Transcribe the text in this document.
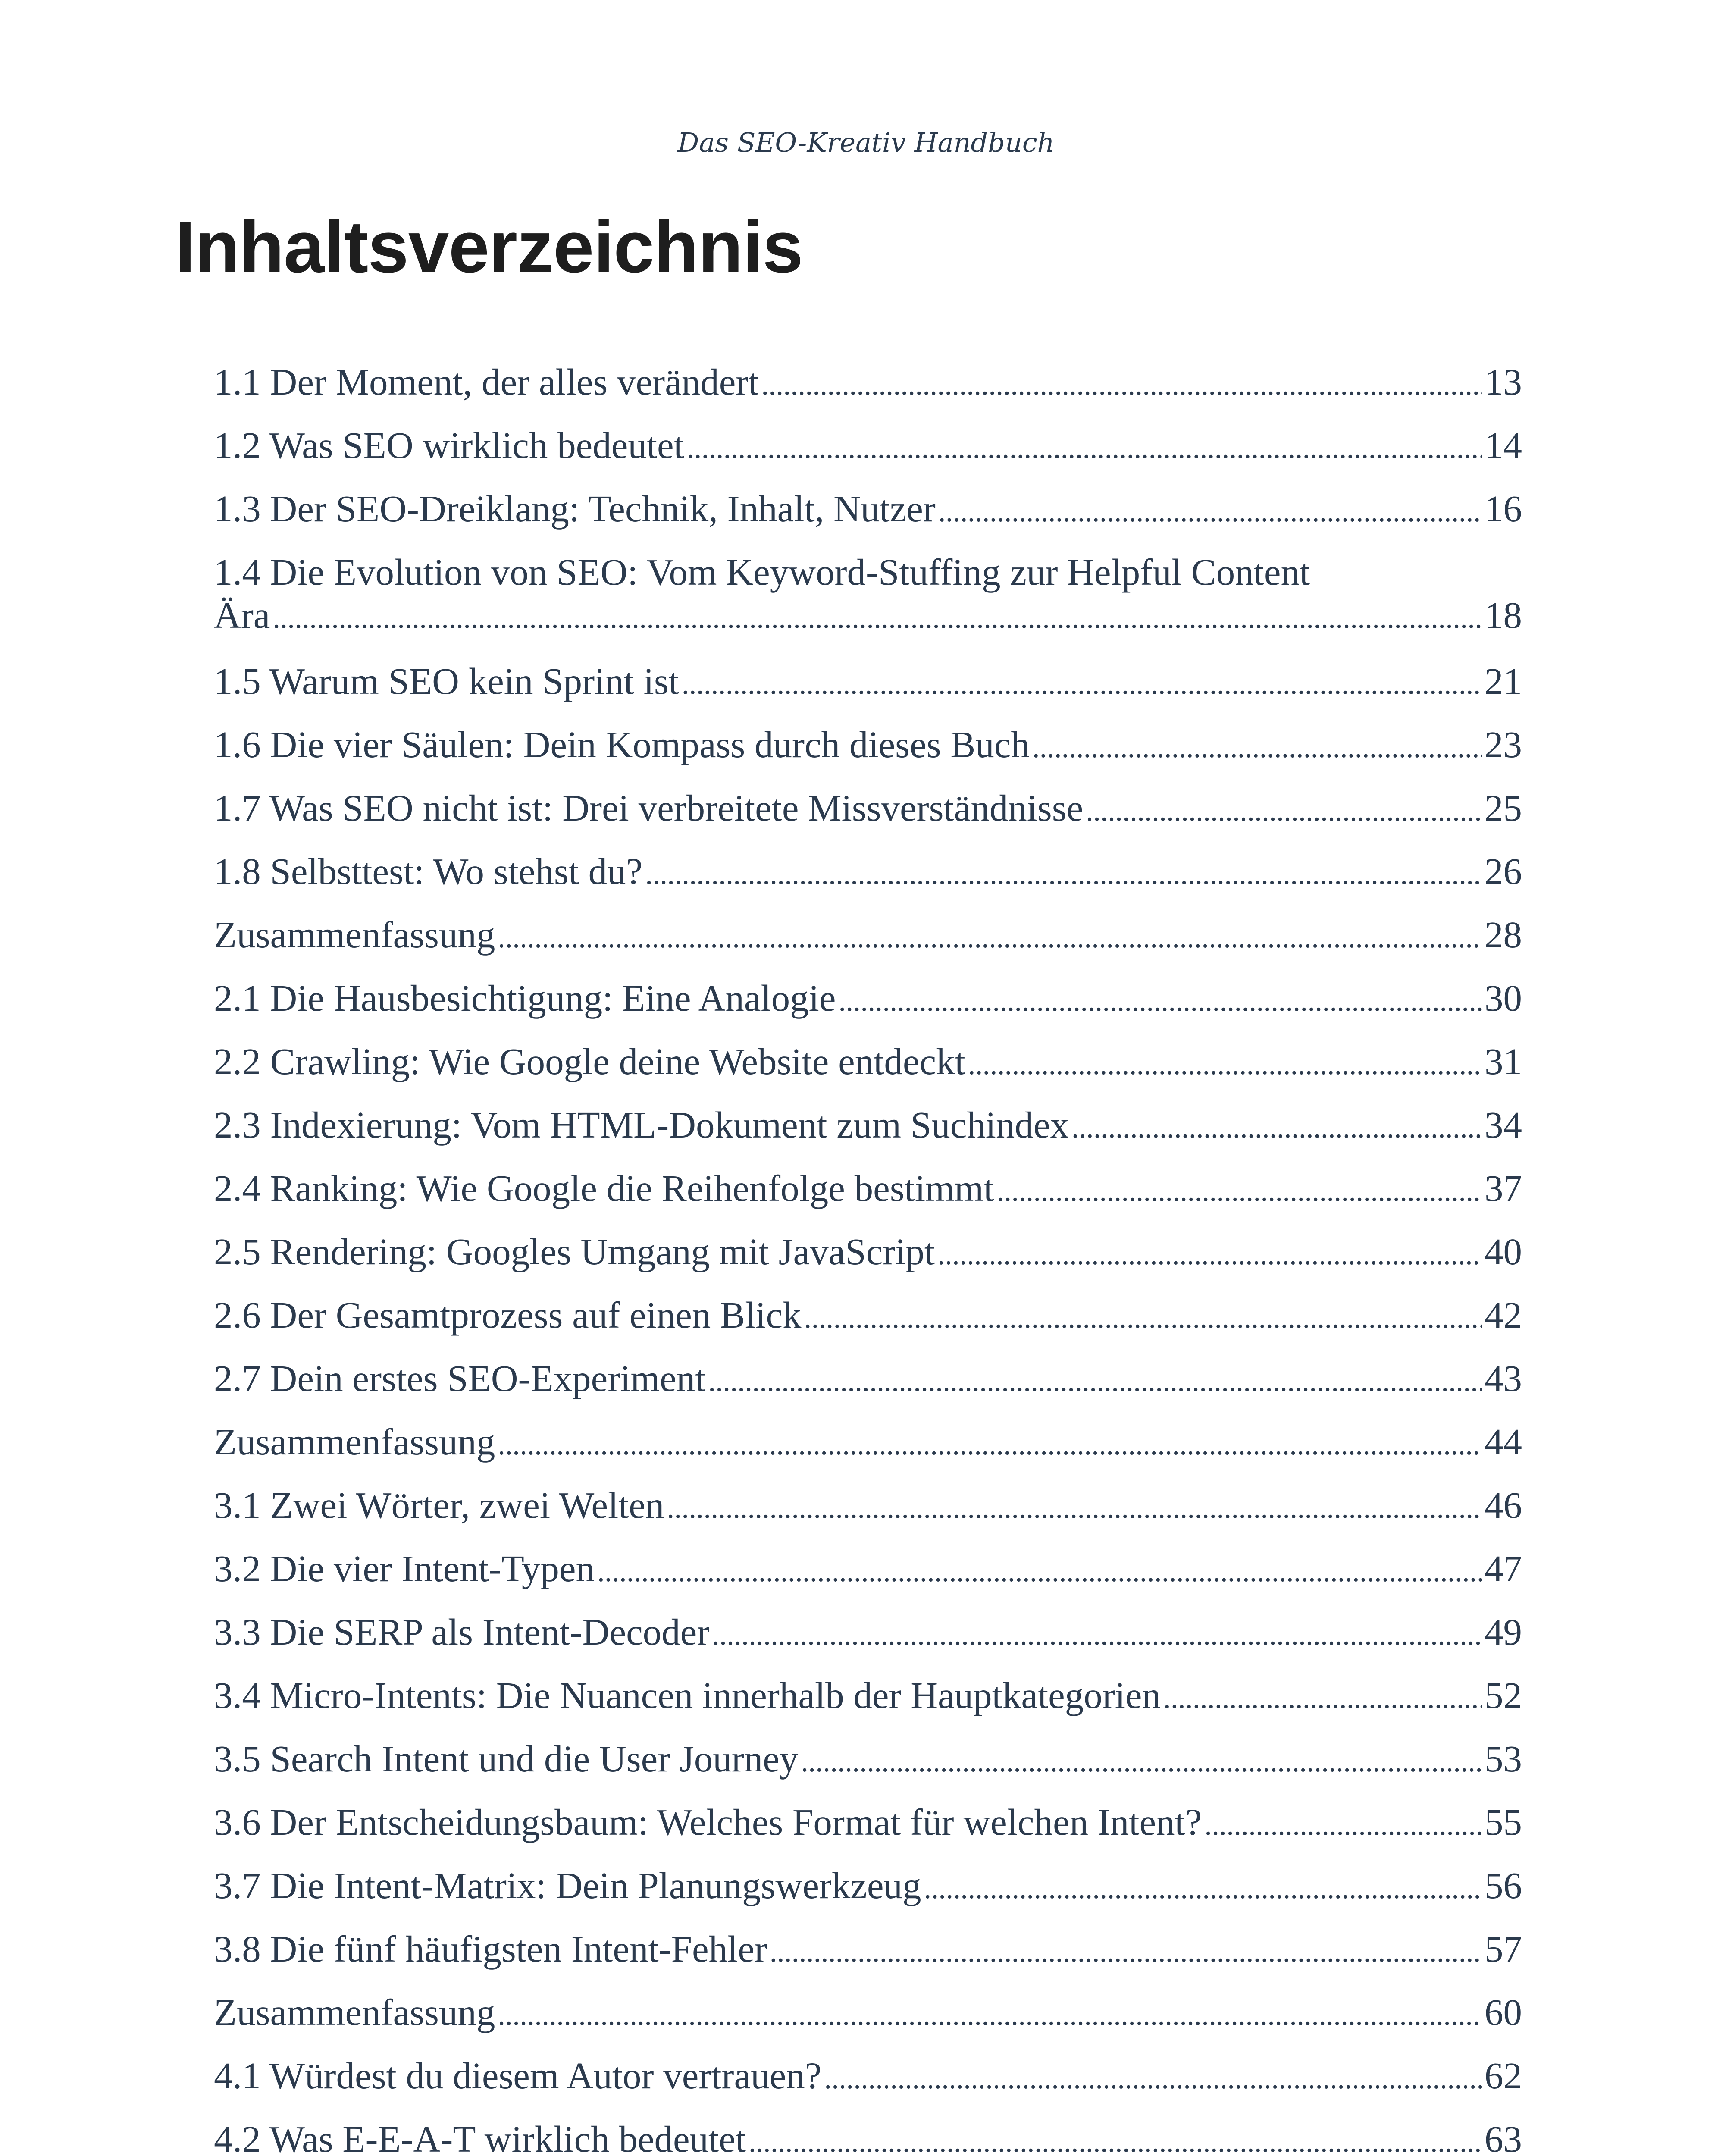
Das SEO-Kreativ Handbuch
Inhaltsverzeichnis
1.1 Der Moment, der alles verändert . . .	13
1.2 Was SEO wirklich bedeutet . . .	14
1.3 Der SEO-Dreiklang: Technik, Inhalt, Nutzer . . .	16
1.4 Die Evolution von SEO: Vom Keyword-Stuffing zur Helpful Content
Ära . . .	18
1.5 Warum SEO kein Sprint ist . . .	21
1.6 Die vier Säulen: Dein Kompass durch dieses Buch . . .	23
1.7 Was SEO nicht ist: Drei verbreitete Missverständnisse . . .	25
1.8 Selbsttest: Wo stehst du? . . .	26
Zusammenfassung . . .	28
2.1 Die Hausbesichtigung: Eine Analogie . . .	30
2.2 Crawling: Wie Google deine Website entdeckt . . .	31
2.3 Indexierung: Vom HTML-Dokument zum Suchindex . . .	34
2.4 Ranking: Wie Google die Reihenfolge bestimmt . . .	37
2.5 Rendering: Googles Umgang mit JavaScript . . .	40
2.6 Der Gesamtprozess auf einen Blick . . .	42
2.7 Dein erstes SEO-Experiment . . .	43
Zusammenfassung . . .	44
3.1 Zwei Wörter, zwei Welten . . .	46
3.2 Die vier Intent-Typen . . .	47
3.3 Die SERP als Intent-Decoder . . .	49
3.4 Micro-Intents: Die Nuancen innerhalb der Hauptkategorien . . .	52
3.5 Search Intent und die User Journey . . .	53
3.6 Der Entscheidungsbaum: Welches Format für welchen Intent? . . .	55
3.7 Die Intent-Matrix: Dein Planungswerkzeug . . .	56
3.8 Die fünf häufigsten Intent-Fehler . . .	57
Zusammenfassung . . .	60
4.1 Würdest du diesem Autor vertrauen? . . .	62
4.2 Was E-E-A-T wirklich bedeutet . . .	63
